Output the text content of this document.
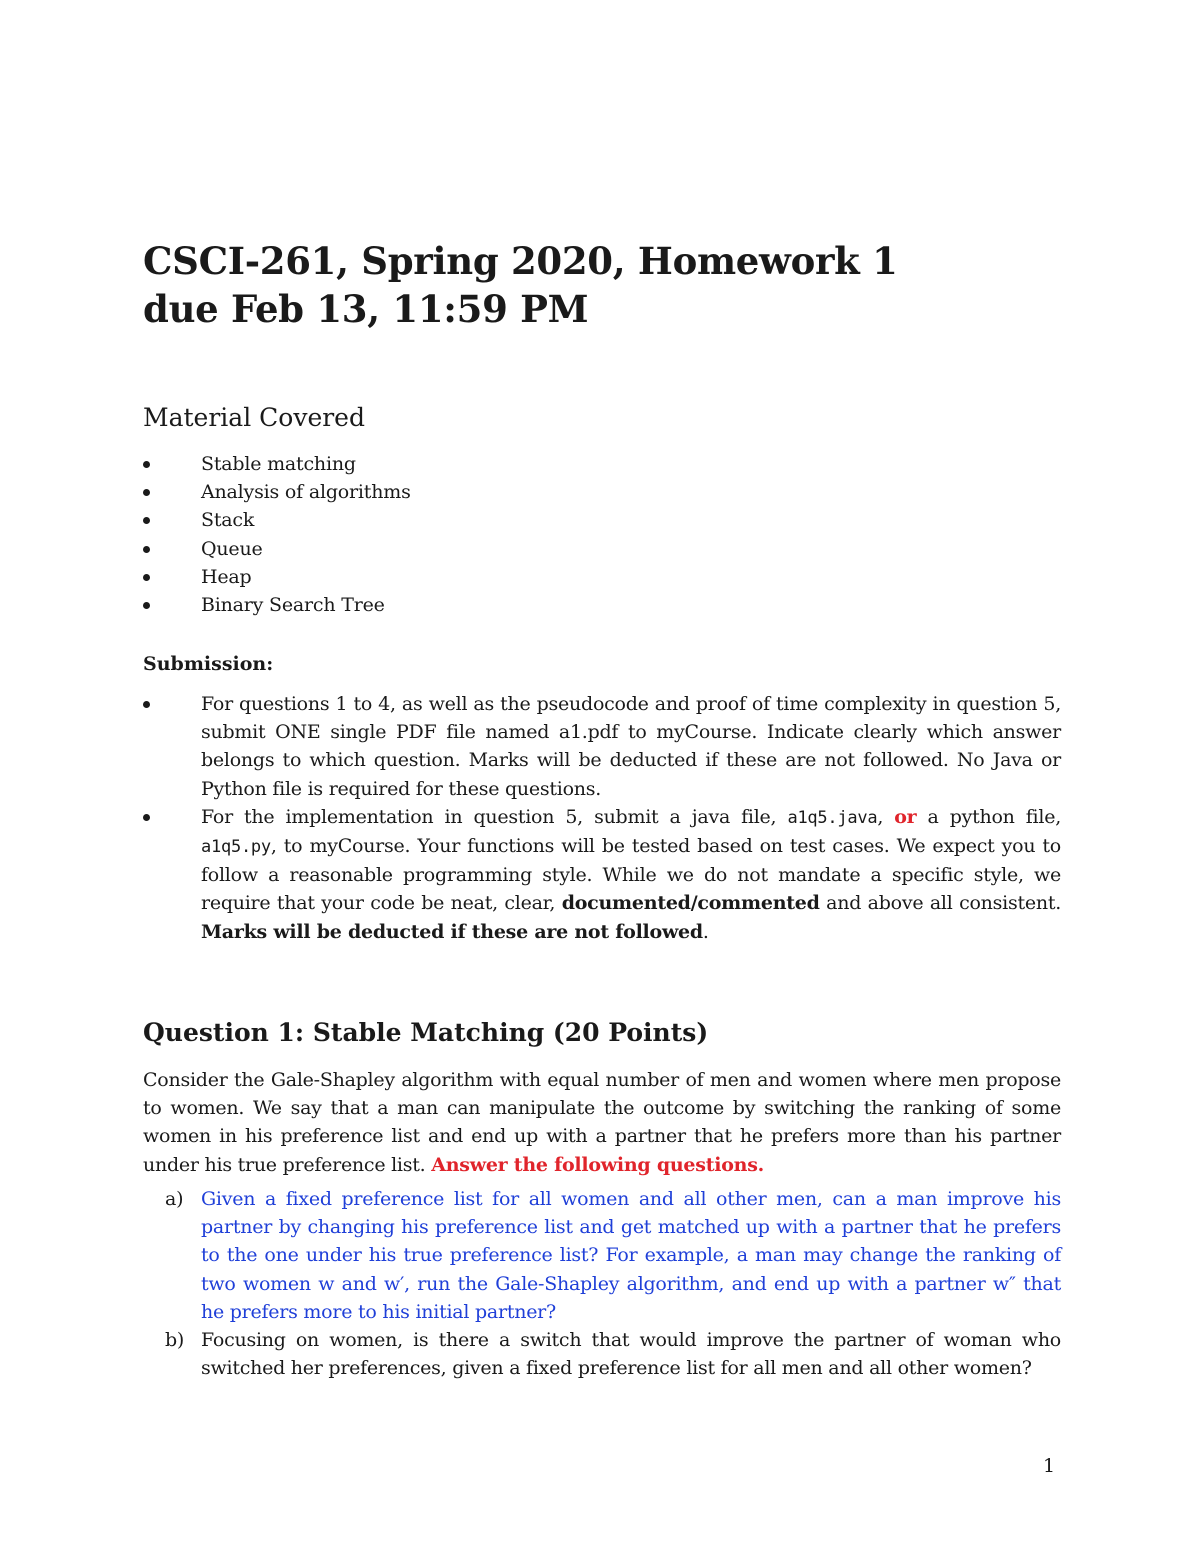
CSCI-261, Spring 2020, Homework 1
due Feb 13, 11:59 PM
Material Covered
Stable matching
Analysis of algorithms
Stack
Queue
Heap
Binary Search Tree
Submission:
For questions 1 to 4, as well as the pseudocode and proof of time complexity in question 5, submit ONE single PDF file named a1.pdf to myCourse. Indicate clearly which answer belongs to which question. Marks will be deducted if these are not followed. No Java or Python file is required for these questions.
For the implementation in question 5, submit a java file, a1q5.java, or a python file, a1q5.py, to myCourse. Your functions will be tested based on test cases. We expect you to follow a reasonable programming style. While we do not mandate a specific style, we require that your code be neat, clear, documented/commented and above all consistent. Marks will be deducted if these are not followed.
Question 1: Stable Matching (20 Points)

Consider the Gale-Shapley algorithm with equal number of men and women where men propose to women. We say that a man can manipulate the outcome by switching the ranking of some women in his preference list and end up with a partner that he prefers more than his partner under his true preference list. Answer the following questions.

a) Given a fixed preference list for all women and all other men, can a man improve his partner by changing his preference list and get matched up with a partner that he prefers to the one under his true preference list? For example, a man may change the ranking of two women w and w′, run the Gale-Shapley algorithm, and end up with a partner w″ that he prefers more to his initial partner?
b) Focusing on women, is there a switch that would improve the partner of woman who switched her preferences, given a fixed preference list for all men and all other women?
1
